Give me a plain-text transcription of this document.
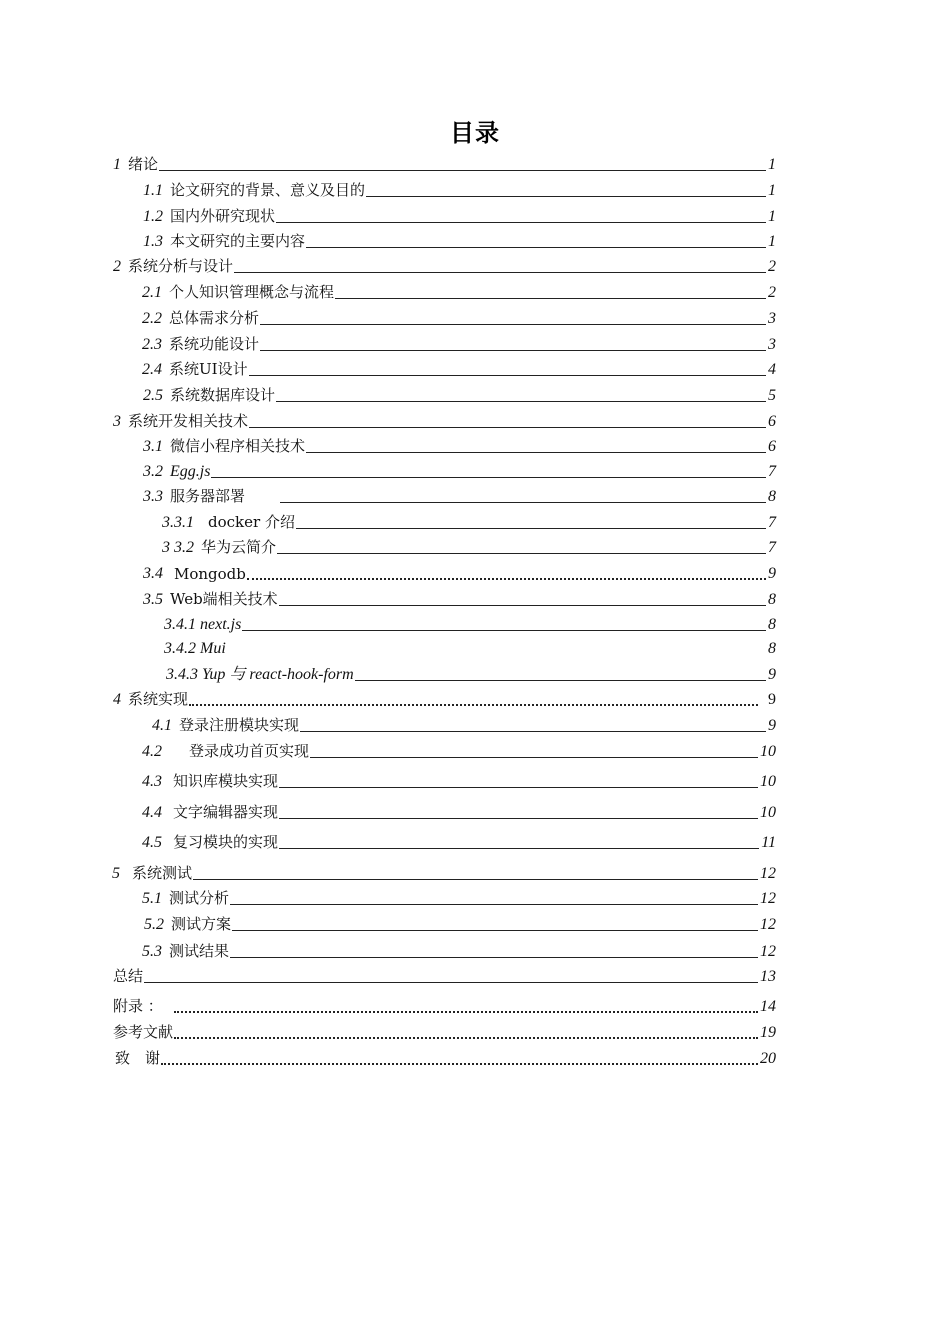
目录
1 绪论	1
1.1 论文研究的背景、意义及目的	1
1.2 国内外研究现状	1
1.3 本文研究的主要内容	1
2 系统分析与设计	2
2.1 个人知识管理概念与流程	2
2.2 总体需求分析	3
2.3 系统功能设计	3
2.4 系统UI设计	4
2.5 系统数据库设计	5
3 系统开发相关技术	6
3.1 微信小程序相关技术	6
3.2 Egg.js	7
3.3 服务器部署	8
3.3.1 docker 介绍	7
3 3.2 华为云简介	7
3.4 Mongodb	9
3.5 Web端相关技术	8
3.4.1 next.js	8
3.4.2 Mui	8
3.4.3 Yup 与 react-hook-form	9
4 系统实现	9
4.1 登录注册模块实现	9
4.2 登录成功首页实现	10
4.3 知识库模块实现	10
4.4 文字编辑器实现	10
4.5 复习模块的实现	11
5 系统测试	12
5.1 测试分析	12
5.2 测试方案	12
5.3 测试结果	12
总结	13
附录 ：	14
参考文献	19
致　谢	20
